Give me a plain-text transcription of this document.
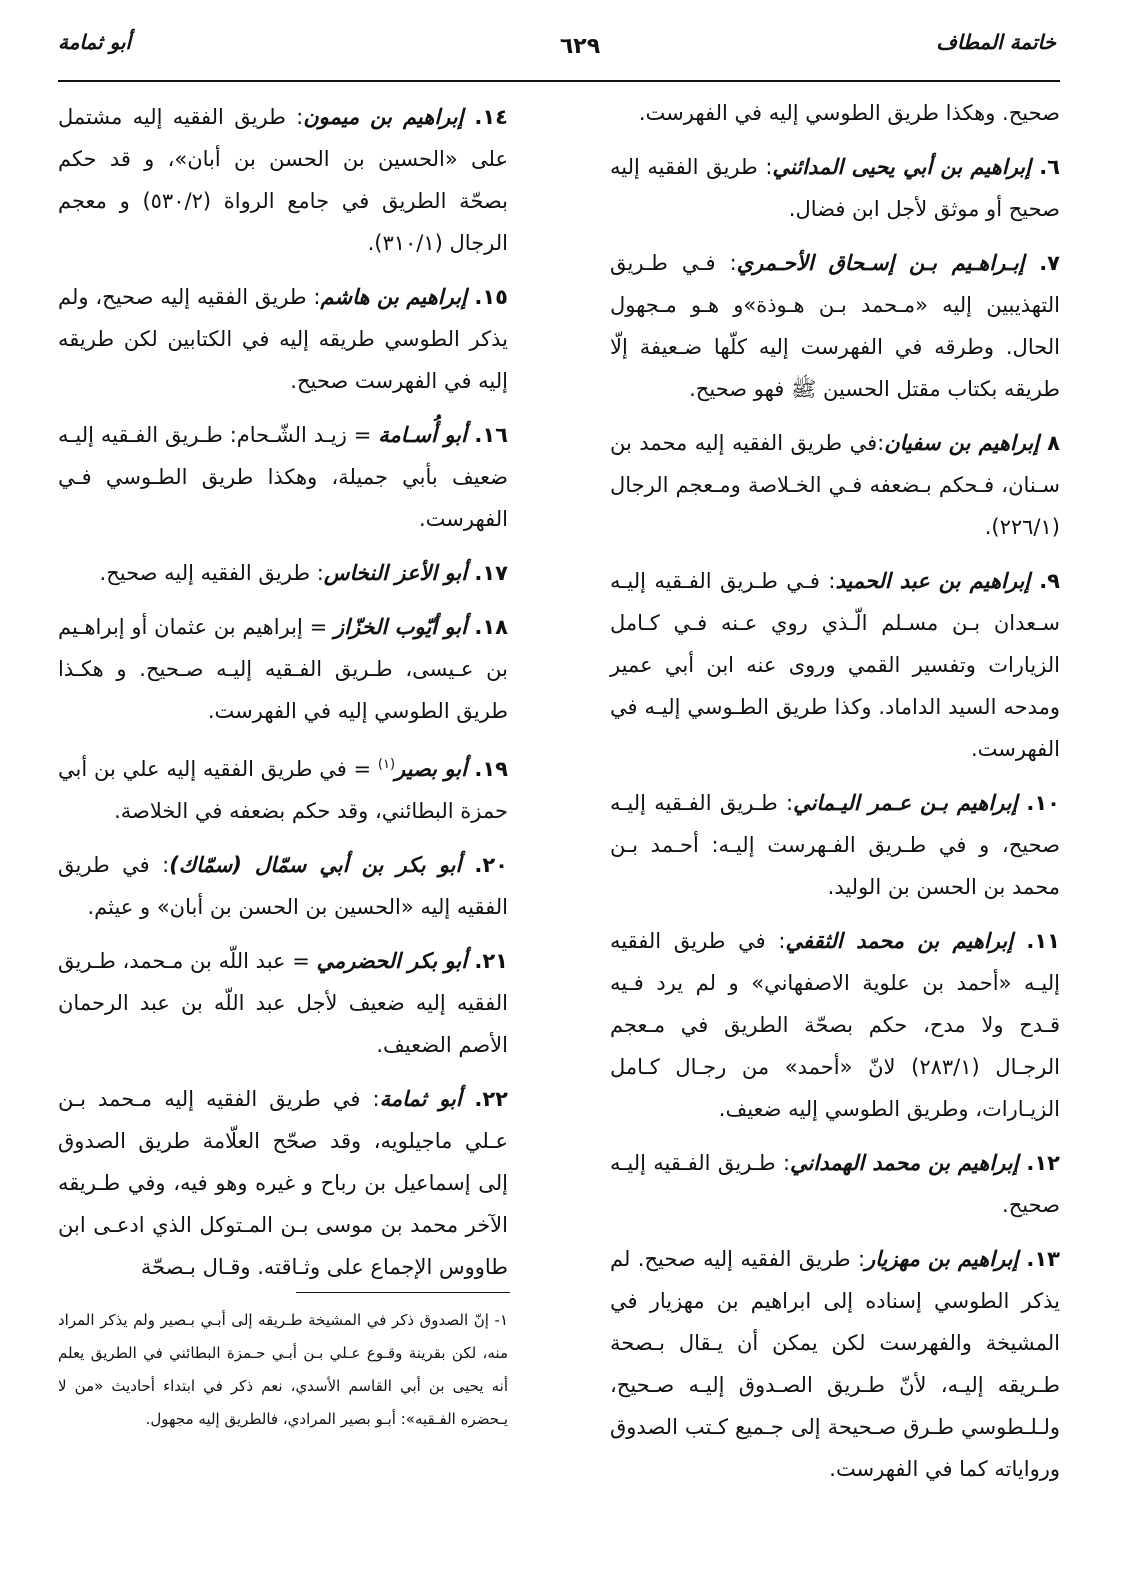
خاتمة المطاف
٦٢٩
أبو ثمامة
صحيح. وهكذا طريق الطوسي إليه في الفهرست.
٦. إبراهيم بن أبي يحيى المدائني: طريق الفقيه إليه صحيح أو موثق لأجل ابن فضال.
٧. إبـراهـيم بـن إسـحاق الأحـمري: فـي طـريق التهذيبين إليه «مـحمد بـن هـوذة»و هـو مـجهول الحال. وطرقه في الفهرست إليه كلّها ضـعيفة إلّا طريقه بكتاب مقتل الحسين ﷺ فهو صحيح.
٨ إبراهيم بن سفيان:في طريق الفقيه إليه محمد بن سـنان، فـحكم بـضعفه فـي الخـلاصة ومـعجم الرجال (٢٢٦/١).
٩. إبراهيم بن عبد الحميد: فـي طـريق الفـقيه إليـه سـعدان بـن مسـلم الّـذي روي عـنه فـي كـامل الزيارات وتفسير القمي وروى عنه ابن أبي عمير ومدحه السيد الداماد. وكذا طريق الطـوسي إليـه في الفهرست.
١٠. إبراهيم بـن عـمر اليـماني: طـريق الفـقيه إليـه صحيح، و في طـريق الفـهرست إليـه: أحـمد بـن محمد بن الحسن بن الوليد.
١١. إبراهيم بن محمد الثقفي: في طريق الفقيه إليـه «أحمد بن علوية الاصفهاني» و لم يرد فـيه قـدح ولا مدح، حكم بصحّة الطريق في مـعجم الرجـال (٢٨٣/١) لانّ «أحمد» من رجـال كـامل الزيـارات، وطريق الطوسي إليه ضعيف.
١٢. إبراهيم بن محمد الهمداني: طـريق الفـقيه إليـه صحيح.
١٣. إبراهيم بن مهزيار: طريق الفقيه إليه صحيح. لم يذكر الطوسي إسناده إلى ابراهيم بن مهزيار في المشيخة والفهرست لكن يمكن أن يـقال بـصحة طـريقه إليـه، لأنّ طـريق الصـدوق إليـه صـحيح، ولـلـطوسي طـرق صـحيحة إلى جـميع كـتب الصدوق ورواياته كما في الفهرست.
١٤. إبراهيم بن ميمون: طريق الفقيه إليه مشتمل على «الحسين بن الحسن بن أبان»، و قد حكم بصحّة الطريق في جامع الرواة (٥٣٠/٢) و معجم الرجال (٣١٠/١).
١٥. إبراهيم بن هاشم: طريق الفقيه إليه صحيح، ولم يذكر الطوسي طريقه إليه في الكتابين لكن طريقه إليه في الفهرست صحيح.
١٦. أبو أُسـامة = زيـد الشّـحام: طـريق الفـقيه إليـه ضعيف بأبي جميلة، وهكذا طريق الطـوسي فـي الفهرست.
١٧. أبو الأعز النخاس: طريق الفقيه إليه صحيح.
١٨. أبو أيّوب الخزّاز = إبراهيم بن عثمان أو إبراهـيم بن عـيسى، طـريق الفـقيه إليـه صـحيح. و هكـذا طريق الطوسي إليه في الفهرست.
١٩. أبو بصير$^{(١)}$ = في طريق الفقيه إليه علي بن أبي حمزة البطائني، وقد حكم بضعفه في الخلاصة.
٢٠. أبو بكر بن أبي سمّال (سمّاك): في طريق الفقيه إليه «الحسين بن الحسن بن أبان» و عيثم.
٢١. أبو بكر الحضرمي = عبد اللّه بن مـحمد، طـريق الفقيه إليه ضعيف لأجل عبد اللّه بن عبد الرحمان الأصم الضعيف.
٢٢. أبو ثمامة: في طريق الفقيه إليه مـحمد بـن عـلي ماجيلويه، وقد صحّح العلّامة طريق الصدوق إلى إسماعيل بن رباح و غيره وهو فيه، وفي طـريقه الآخر محمد بن موسى بـن المـتوكل الذي ادعـى ابن طاووس الإجماع على وثـاقته. وقـال بـصحّة
١- إنّ الصدوق ذكر في المشيخة طـريقه إلى أبـي بـصير ولم يذكر المراد منه، لكن بقرينة وقـوع عـلي بـن أبـي حـمزة البطائني في الطريق يعلم أنه يحيى بن أبي القاسم الأسدي، نعم ذكر في ابتداء أحاديث «من لا يـحضره الفـقيه»: أبـو بصير المرادي، فالطريق إليه مجهول.
